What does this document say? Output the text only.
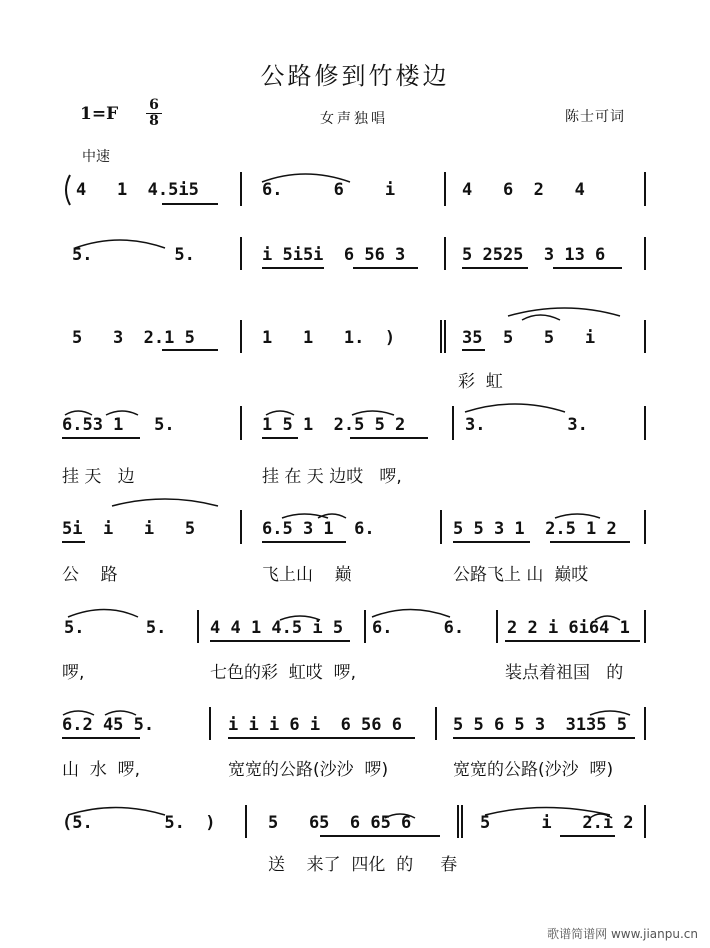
公路修到竹楼边
1=F	6
8	女声独唱	陈士可词
中速
4   1  4.5i5	6.     6    i	4   6  2   4
5.        5.	i 5i5i  6 56 3	5 2525  3 13 6
5   3  2.1 5	1   1   1.  )	35  5   5   i
彩  虹
6.53 1   5.	1 5 1  2.5 5 2	3.        3.
挂 天   边	挂 在 天 边哎   啰,
5i  i   i   5	6.5 3 1  6.	5 5 3 1  2.5 1 2
公    路	飞上山    巅	公路飞上 山  巅哎
5.      5.	4 4 1 4.5 i 5 6.     6.	2 2 i 6i64 1
啰,	七色的彩  虹哎  啰,	装点着祖国   的
6.2 45 5.	i i i 6 i  6 56 6	5 5 6 5 3  3135 5
山  水  啰,	宽宽的公路(沙沙  啰)	宽宽的公路(沙沙  啰)
(5.       5.  )	5   65  6 65 6	5     i   2.i 2
送    来了  四化  的     春
歌谱简谱网 www.jianpu.cn
